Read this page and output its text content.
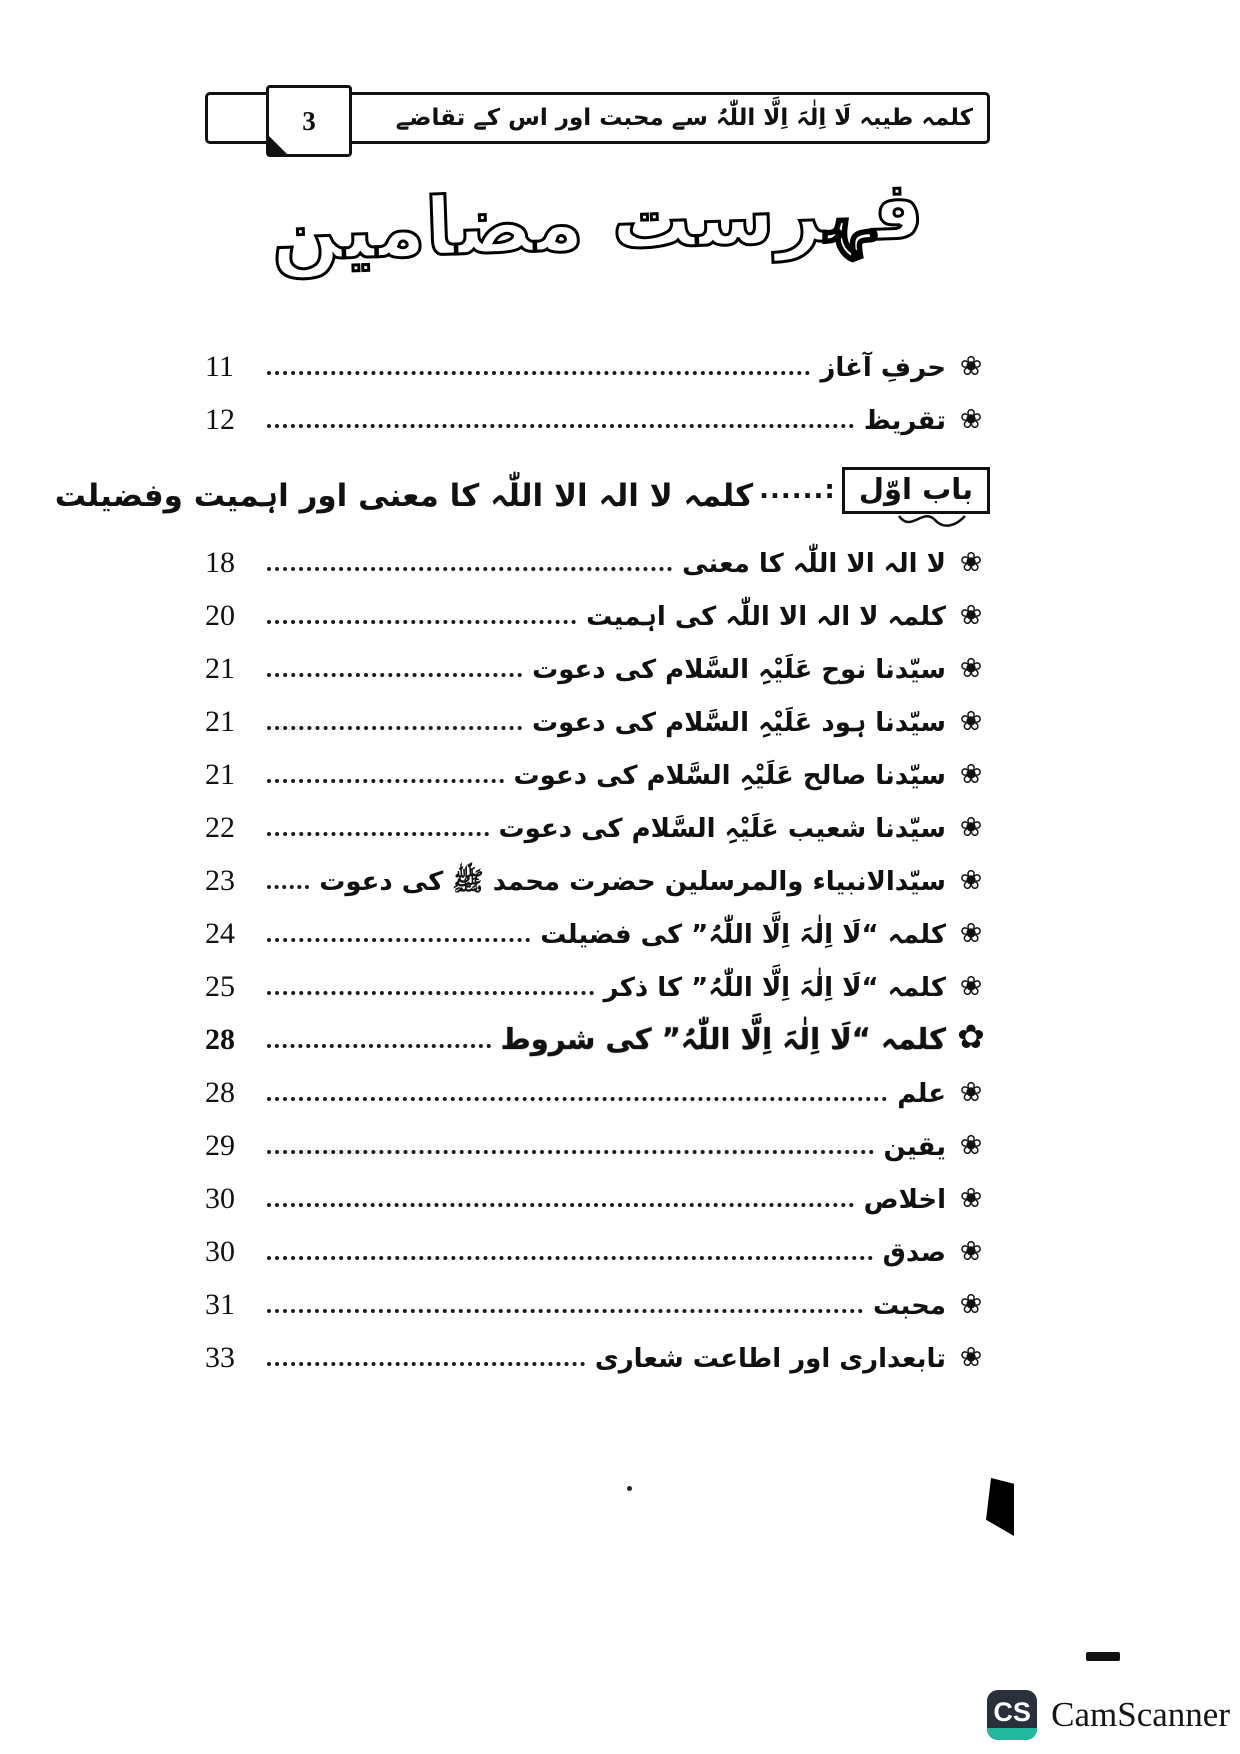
کلمہ طیبہ لَا اِلٰہَ اِلَّا اللّٰہُ سے محبت اور اس کے تقاضے
3
فہرست مضامین
❀
حرفِ آغاز
11
❀
تقریظ
12
باب اوّل
:......
کلمہ لا الہ الا اللّٰہ کا معنی اور اہمیت وفضیلت
❀
لا الہ الا اللّٰہ کا معنی
18
❀
کلمہ لا الہ الا اللّٰہ کی اہمیت
20
❀
سیّدنا نوح عَلَیْہِ السَّلام کی دعوت
21
❀
سیّدنا ہود عَلَیْہِ السَّلام کی دعوت
21
❀
سیّدنا صالح عَلَیْہِ السَّلام کی دعوت
21
❀
سیّدنا شعیب عَلَیْہِ السَّلام کی دعوت
22
❀
سیّدالانبیاء والمرسلین حضرت محمد ﷺ کی دعوت
23
❀
کلمہ “لَا اِلٰہَ اِلَّا اللّٰہُ” کی فضیلت
24
❀
کلمہ “لَا اِلٰہَ اِلَّا اللّٰہُ” کا ذکر
25
✿
کلمہ “لَا اِلٰہَ اِلَّا اللّٰہُ” کی شروط
28
❀
علم
28
❀
یقین
29
❀
اخلاص
30
❀
صدق
30
❀
محبت
31
❀
تابعداری اور اطاعت شعاری
33
CS CamScanner
